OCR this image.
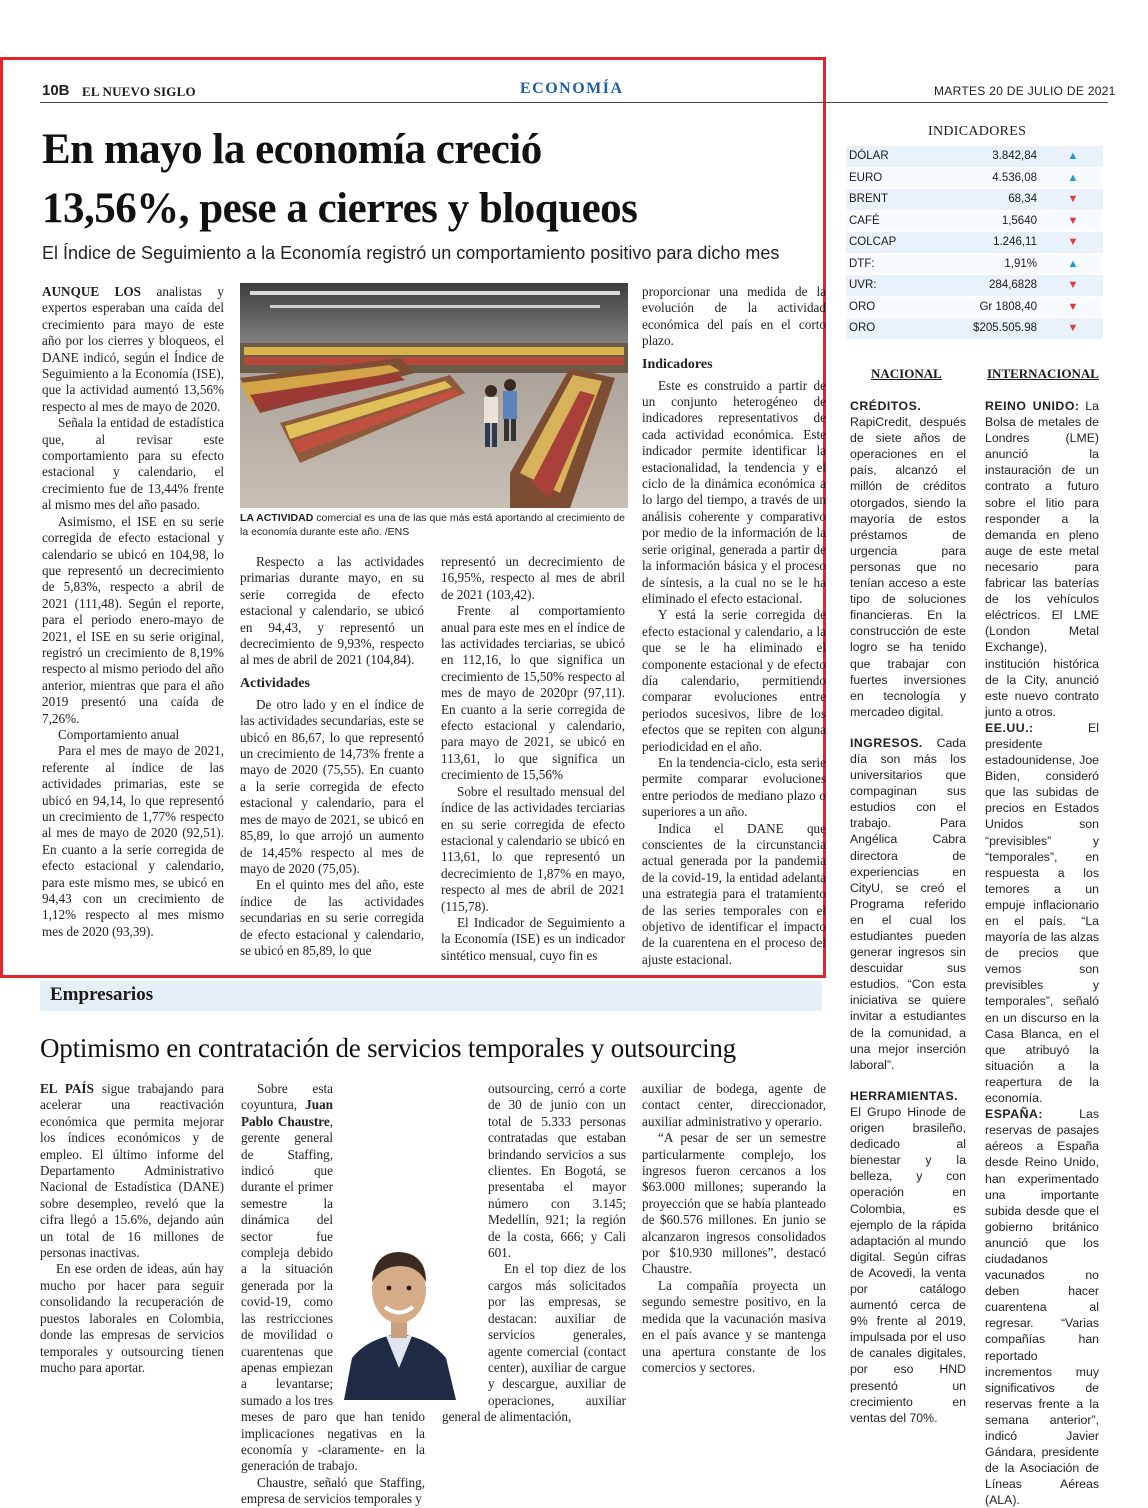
10B EL NUEVO SIGLO	ECONOMÍA	MARTES 20 DE JULIO DE 2021
En mayo la economía creció
13,56%, pese a cierres y bloqueos
El Índice de Seguimiento a la Economía registró un comportamiento positivo para dicho mes

AUNQUE LOS analistas y expertos esperaban una caída del crecimiento para mayo de este año por los cierres y bloqueos, el DANE indicó, según el Índice de Seguimiento a la Economía (ISE), que la actividad aumentó 13,56% respecto al mes de mayo de 2020.

Señala la entidad de estadística que, al revisar este comportamiento para su efecto estacional y calendario, el crecimiento fue de 13,44% frente al mismo mes del año pasado.

Asimismo, el ISE en su serie corregida de efecto estacional y calendario se ubicó en 104,98, lo que representó un decrecimiento de 5,83%, respecto a abril de 2021 (111,48). Según el reporte, para el periodo enero-mayo de 2021, el ISE en su serie original, registró un crecimiento de 8,19% respecto al mismo periodo del año anterior, mientras que para el año 2019 presentó una caída de 7,26%.

Comportamiento anual

Para el mes de mayo de 2021, referente al índice de las actividades primarias, este se ubicó en 94,14, lo que representó un crecimiento de 1,77% respecto al mes de mayo de 2020 (92,51). En cuanto a la serie corregida de efecto estacional y calendario, para este mismo mes, se ubicó en 94,43 con un crecimiento de 1,12% respecto al mes mismo mes de 2020 (93,39).

LA ACTIVIDAD comercial es una de las que más está aportando al crecimiento de la economía durante este año. /ENS

Respecto a las actividades primarias durante mayo, en su serie corregida de efecto estacional y calendario, se ubicó en 94,43, y representó un decrecimiento de 9,93%, respecto al mes de abril de 2021 (104,84).

Actividades

De otro lado y en el índice de las actividades secundarias, este se ubicó en 86,67, lo que representó un crecimiento de 14,73% frente a mayo de 2020 (75,55). En cuanto a la serie corregida de efecto estacional y calendario, para el mes de mayo de 2021, se ubicó en 85,89, lo que arrojó un aumento de 14,45% respecto al mes de mayo de 2020 (75,05).

En el quinto mes del año, este índice de las actividades secundarias en su serie corregida de efecto estacional y calendario, se ubicó en 85,89, lo que

representó un decrecimiento de 16,95%, respecto al mes de abril de 2021 (103,42).

Frente al comportamiento anual para este mes en el índice de las actividades terciarias, se ubicó en 112,16, lo que significa un crecimiento de 15,50% respecto al mes de mayo de 2020pr (97,11). En cuanto a la serie corregida de efecto estacional y calendario, para mayo de 2021, se ubicó en 113,61, lo que significa un crecimiento de 15,56%

Sobre el resultado mensual del índice de las actividades terciarias en su serie corregida de efecto estacional y calendario se ubicó en 113,61, lo que representó un decrecimiento de 1,87% en mayo, respecto al mes de abril de 2021 (115,78).

El Indicador de Seguimiento a la Economía (ISE) es un indicador sintético mensual, cuyo fin es

proporcionar una medida de la evolución de la actividad económica del país en el corto plazo.

Indicadores

Este es construido a partir de un conjunto heterogéneo de indicadores representativos de cada actividad económica. Este indicador permite identificar la estacionalidad, la tendencia y el ciclo de la dinámica económica a lo largo del tiempo, a través de un análisis coherente y comparativo por medio de la información de la serie original, generada a partir de la información básica y el proceso de síntesis, a la cual no se le ha eliminado el efecto estacional.

Y está la serie corregida de efecto estacional y calendario, a la que se le ha eliminado el componente estacional y de efecto día calendario, permitiendo comparar evoluciones entre periodos sucesivos, libre de los efectos que se repiten con alguna periodicidad en el año.

En la tendencia-ciclo, esta serie permite comparar evoluciones entre periodos de mediano plazo o superiores a un año.

Indica el DANE que conscientes de la circunstancia actual generada por la pandemia de la covid-19, la entidad adelanta una estrategia para el tratamiento de las series temporales con el objetivo de identificar el impacto de la cuarentena en el proceso del ajuste estacional.

INDICADORES
DÓLAR	3.842,84	▲
EURO	4.536,08	▲
BRENT	68,34	▼
CAFÉ	1,5640	▼
COLCAP	1.246,11	▼
DTF:	1,91%	▲
UVR:	284,6828	▼
ORO	Gr 1808,40	▼
ORO	$205.505.98	▼
NACIONAL

CRÉDITOS. RapiCredit, después de siete años de operaciones en el país, alcanzó el millón de créditos otorgados, siendo la mayoría de estos préstamos de urgencia para personas que no tenían acceso a este tipo de soluciones financieras. En la construcción de este logro se ha tenido que trabajar con fuertes inversiones en tecnología y mercadeo digital.

INGRESOS. Cada día son más los universitarios que compaginan sus estudios con el trabajo. Para Angélica Cabra directora de experiencias en CityU, se creó el Programa referido en el cual los estudiantes pueden generar ingresos sin descuidar sus estudios. “Con esta iniciativa se quiere invitar a estudiantes de la comunidad, a una mejor inserción laboral”.

HERRAMIENTAS. El Grupo Hinode de origen brasileño, dedicado al bienestar y la belleza, y con operación en Colombia, es ejemplo de la rápida adaptación al mundo digital. Según cifras de Acovedi, la venta por catálogo aumentó cerca de 9% frente al 2019, impulsada por el uso de canales digitales, por eso HND presentó un crecimiento en ventas del 70%.

INTERNACIONAL

REINO UNIDO: La Bolsa de metales de Londres (LME) anunció la instauración de un contrato a futuro sobre el litio para responder a la demanda en pleno auge de este metal necesario para fabricar las baterías de los vehículos eléctricos. El LME (London Metal Exchange), institución histórica de la City, anunció este nuevo contrato junto a otros.

EE.UU.: El presidente estadounidense, Joe Biden, consideró que las subidas de precios en Estados Unidos son “previsibles” y “temporales”, en respuesta a los temores a un empuje inflacionario en el país. “La mayoría de las alzas de precios que vemos son previsibles y temporales”, señaló en un discurso en la Casa Blanca, en el que atribuyó la situación a la reapertura de la economía.

ESPAÑA: Las reservas de pasajes aéreos a España desde Reino Unido, han experimentado una importante subida desde que el gobierno británico anunció que los ciudadanos vacunados no deben hacer cuarentena al regresar. “Varias compañías han reportado incrementos muy significativos de reservas frente a la semana anterior”, indicó Javier Gándara, presidente de la Asociación de Líneas Aéreas (ALA).

Empresarios
Optimismo en contratación de servicios temporales y outsourcing

EL PAÍS sigue trabajando para acelerar una reactivación económica que permita mejorar los índices económicos y de empleo. El último informe del Departamento Administrativo Nacional de Estadística (DANE) sobre desempleo, reveló que la cifra llegó a 15.6%, dejando aún un total de 16 millones de personas inactivas.

En ese orden de ideas, aún hay mucho por hacer para seguir consolidando la recuperación de puestos laborales en Colombia, donde las empresas de servicios temporales y outsourcing tienen mucho para aportar.

Sobre esta coyuntura, Juan Pablo Chaustre, gerente general de Staffing, indicó que durante el primer semestre la dinámica del sector fue compleja debido a la situación generada por la covid-19, como las restricciones de movilidad o cuarentenas que apenas empiezan a levantarse; sumado a los tres meses de paro que han tenido implicaciones negativas en la economía y -claramente- en la generación de trabajo.

Chaustre, señaló que Staffing, empresa de servicios temporales y

outsourcing, cerró a corte de 30 de junio con un total de 5.333 personas contratadas que estaban brindando servicios a sus clientes. En Bogotá, se presentaba el mayor número con 3.145; Medellín, 921; la región de la costa, 666; y Cali 601.

En el top diez de los cargos más solicitados por las empresas, se destacan: auxiliar de servicios generales, agente comercial (contact center), auxiliar de cargue y descargue, auxiliar de operaciones, auxiliar general de alimentación,

auxiliar de bodega, agente de contact center, direccionador, auxiliar administrativo y operario.

“A pesar de ser un semestre particularmente complejo, los ingresos fueron cercanos a los $63.000 millones; superando la proyección que se había planteado de $60.576 millones. En junio se alcanzaron ingresos consolidados por $10.930 millones”, destacó Chaustre.

La compañía proyecta un segundo semestre positivo, en la medida que la vacunación masiva en el país avance y se mantenga una apertura constante de los comercios y sectores.
